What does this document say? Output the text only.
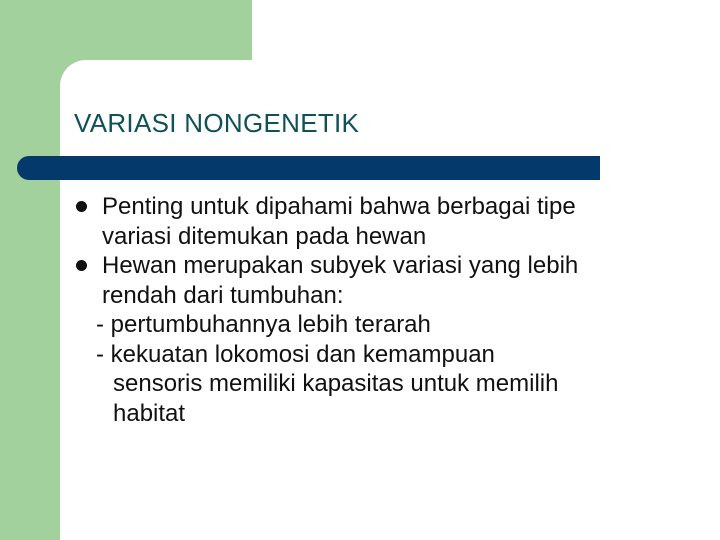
VARIASI NONGENETIK
Penting untuk dipahami bahwa berbagai tipe
variasi ditemukan pada hewan
Hewan merupakan subyek variasi yang lebih
rendah dari tumbuhan:
- pertumbuhannya lebih terarah
- kekuatan lokomosi dan kemampuan
sensoris memiliki kapasitas untuk memilih
habitat
